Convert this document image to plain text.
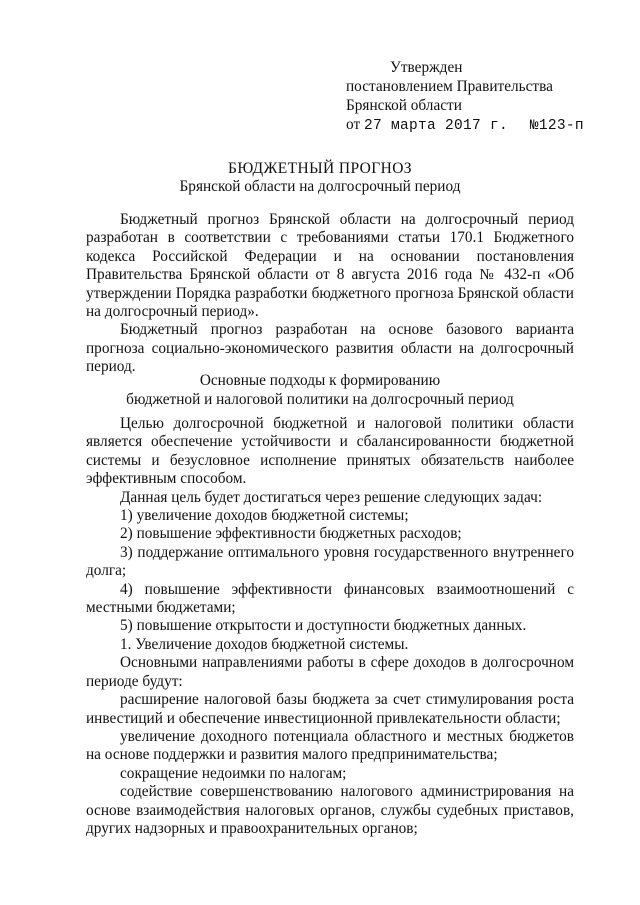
Утвержден
постановлением Правительства
Брянской области
от 27 марта 2017 г. №123-п
БЮДЖЕТНЫЙ ПРОГНОЗ
Брянской области на долгосрочный период

Бюджетный прогноз Брянской области на долгосрочный период разработан в соответствии с требованиями статьи 170.1 Бюджетного кодекса Российской Федерации и на основании постановления Правительства Брянской области от 8 августа 2016 года № 432-п «Об утверждении Порядка разработки бюджетного прогноза Брянской области на долгосрочный период».

Бюджетный прогноз разработан на основе базового варианта прогноза социально-экономического развития области на долгосрочный период.

Основные подходы к формированию
бюджетной и налоговой политики на долгосрочный период

Целью долгосрочной бюджетной и налоговой политики области является обеспечение устойчивости и сбалансированности бюджетной системы и безусловное исполнение принятых обязательств наиболее эффективным способом.

Данная цель будет достигаться через решение следующих задач:

1) увеличение доходов бюджетной системы;

2) повышение эффективности бюджетных расходов;

3) поддержание оптимального уровня государственного внутреннего долга;

4) повышение эффективности финансовых взаимоотношений с местными бюджетами;

5) повышение открытости и доступности бюджетных данных.

1. Увеличение доходов бюджетной системы.

Основными направлениями работы в сфере доходов в долгосрочном периоде будут:

расширение налоговой базы бюджета за счет стимулирования роста инвестиций и обеспечение инвестиционной привлекательности области;

увеличение доходного потенциала областного и местных бюджетов на основе поддержки и развития малого предпринимательства;

сокращение недоимки по налогам;

содействие совершенствованию налогового администрирования на основе взаимодействия налоговых органов, службы судебных приставов, других надзорных и правоохранительных органов;
